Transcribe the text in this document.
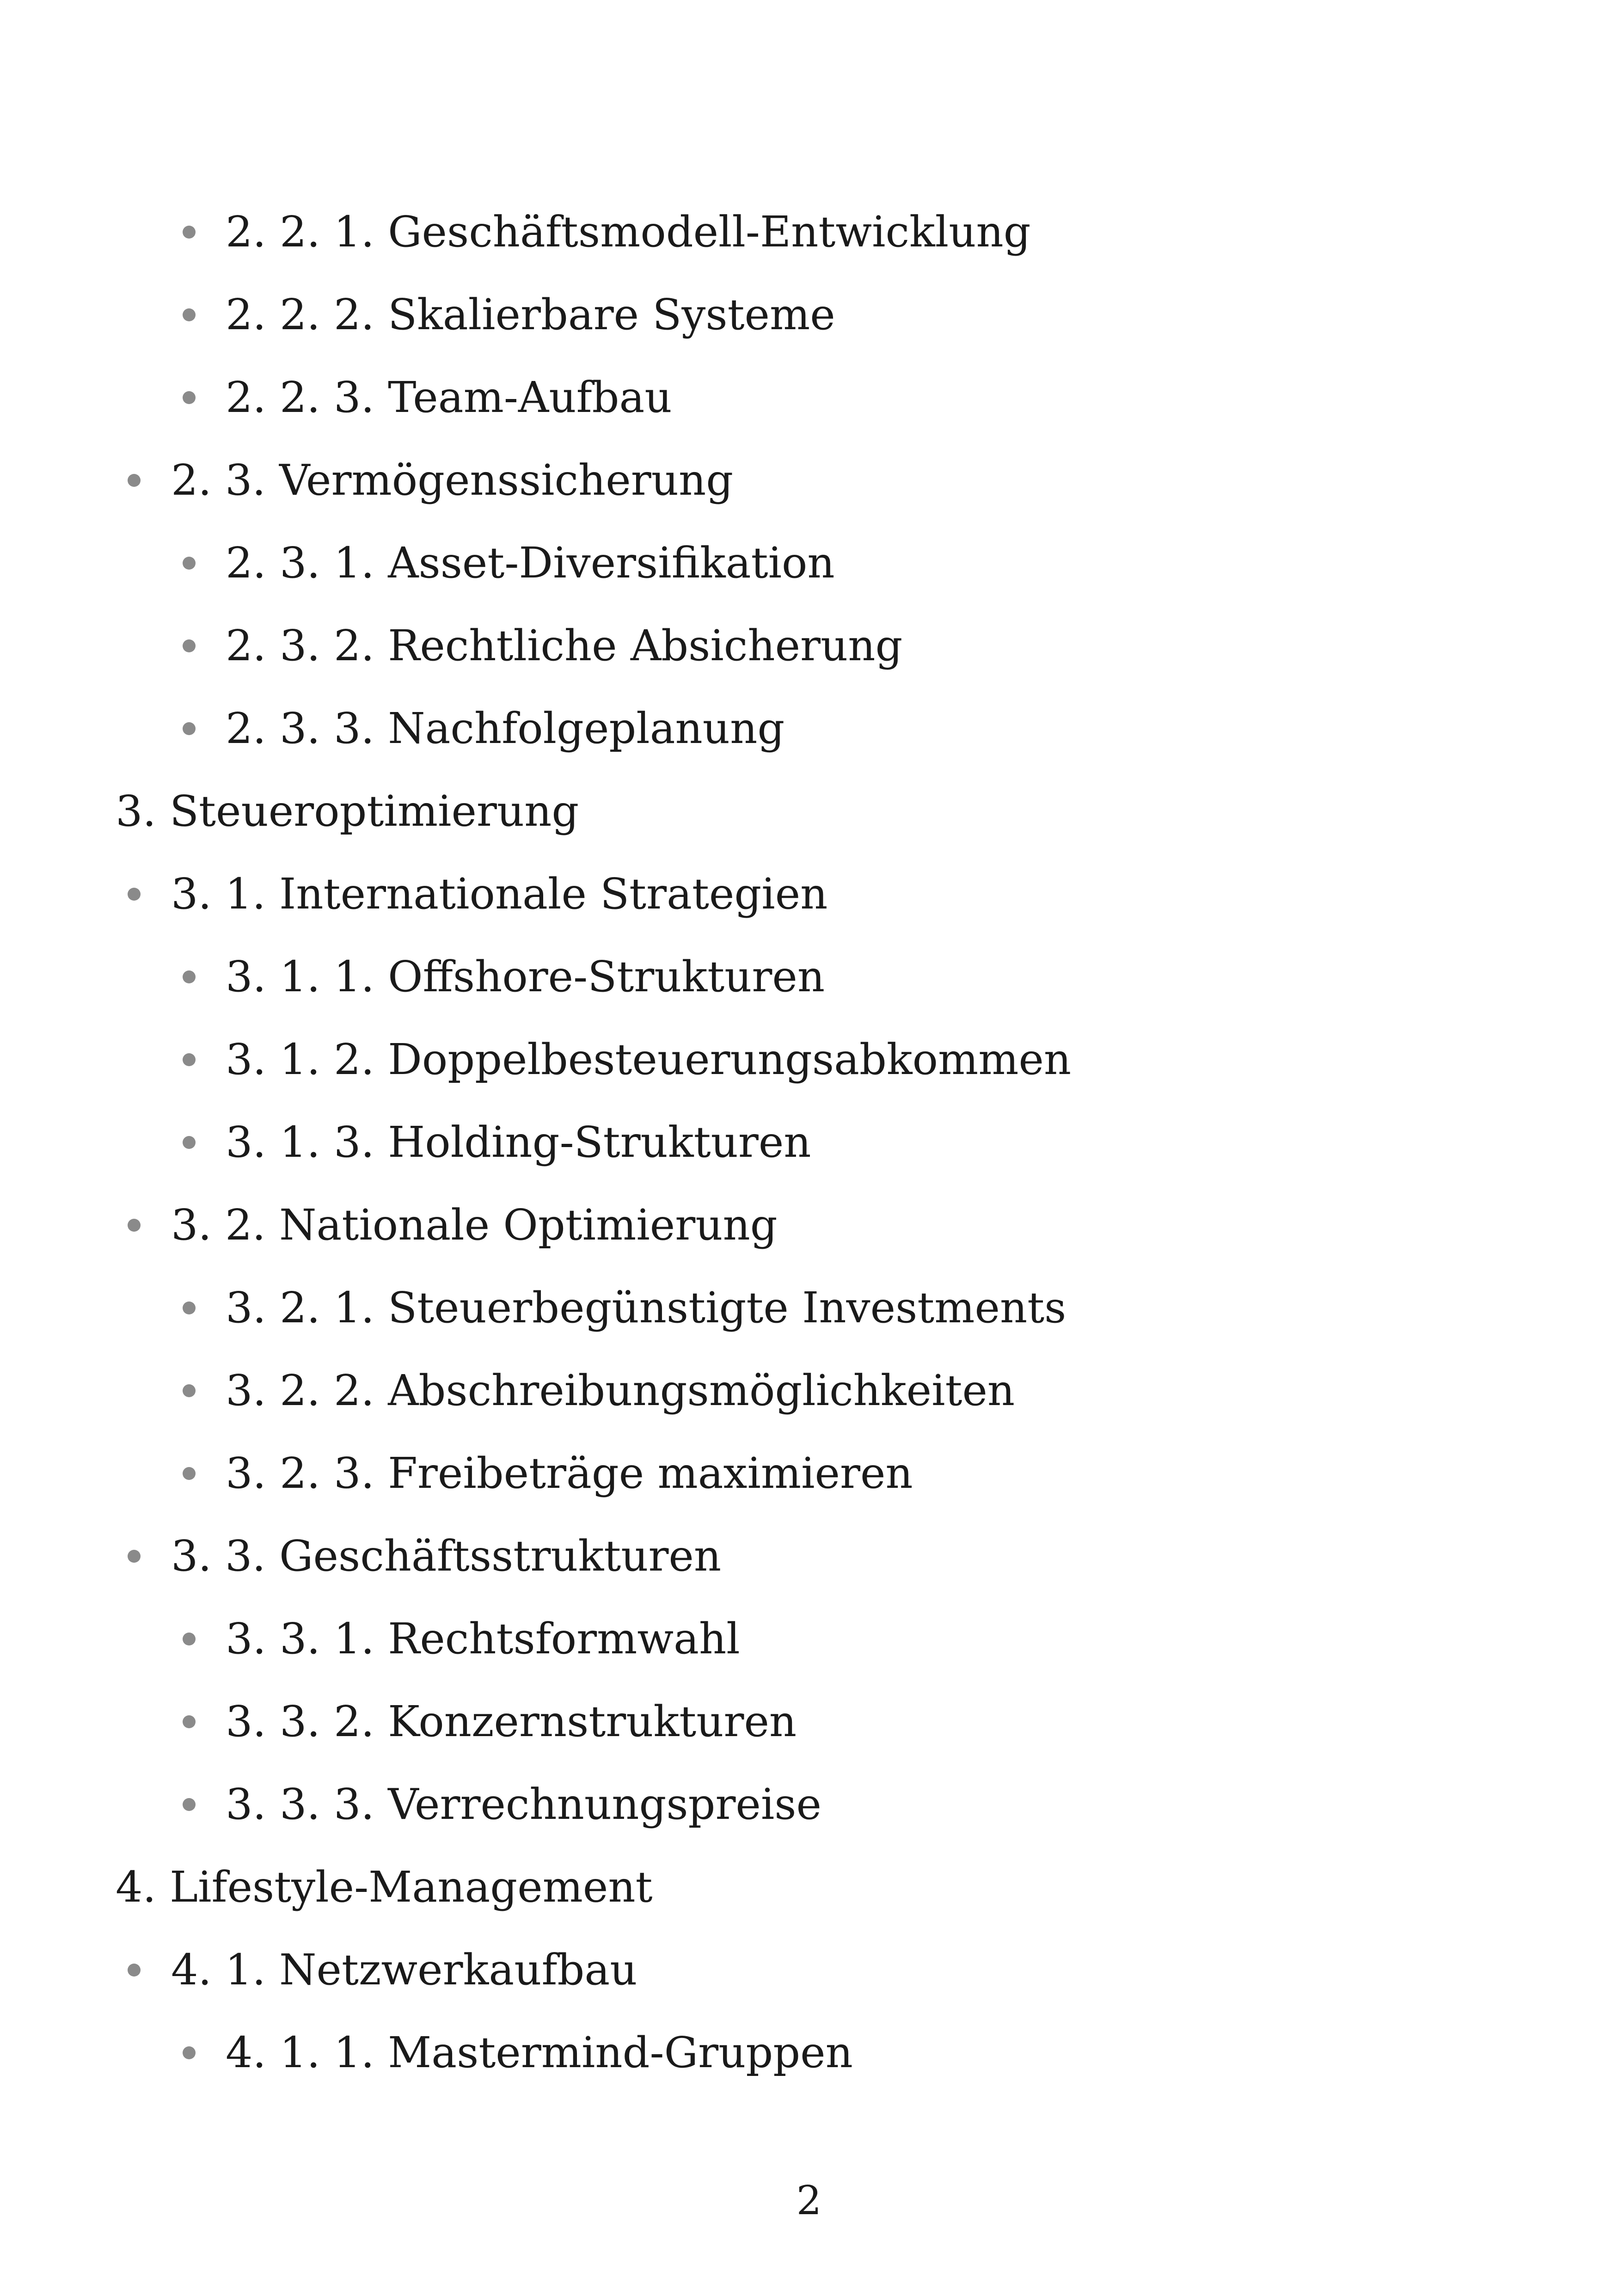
2. 2. 1. Geschäftsmodell-Entwicklung
2. 2. 2. Skalierbare Systeme
2. 2. 3. Team-Aufbau
2. 3. Vermögenssicherung
2. 3. 1. Asset-Diversifikation
2. 3. 2. Rechtliche Absicherung
2. 3. 3. Nachfolgeplanung
3. Steueroptimierung
3. 1. Internationale Strategien
3. 1. 1. Offshore-Strukturen
3. 1. 2. Doppelbesteuerungsabkommen
3. 1. 3. Holding-Strukturen
3. 2. Nationale Optimierung
3. 2. 1. Steuerbegünstigte Investments
3. 2. 2. Abschreibungsmöglichkeiten
3. 2. 3. Freibeträge maximieren
3. 3. Geschäftsstrukturen
3. 3. 1. Rechtsformwahl
3. 3. 2. Konzernstrukturen
3. 3. 3. Verrechnungspreise
4. Lifestyle-Management
4. 1. Netzwerkaufbau
4. 1. 1. Mastermind-Gruppen
2
